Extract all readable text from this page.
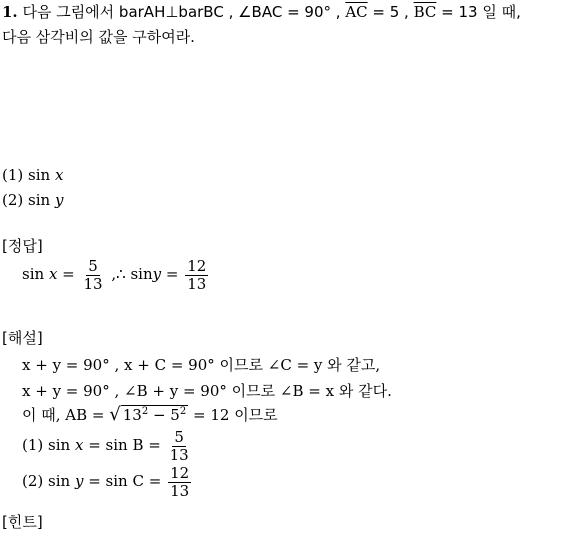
1. 다음 그림에서 barAH⊥barBC , ∠BAC = 90° , $\overline{AC} = 5$ , $\overline{BC} = 13$ 일 때,
다음 삼각비의 값을 구하여라.
(1) sin x
(2) sin y
[정답]
$\sin x = \frac{5}{13}$ ,∴ $\sin y = \frac{12}{13}$
[해설]
x + y = 90° , x + C = 90° 이므로 ∠C = y 와 같고,
x + y = 90° , ∠B + y = 90° 이므로 ∠B = x 와 같다.
이 때, AB = √ $13^2 - 5^2 = 12$ 이므로
(1) $\sin x = \sin B = \frac{5}{13}$
(2) $\sin y = \sin C = \frac{12}{13}$
[힌트]
